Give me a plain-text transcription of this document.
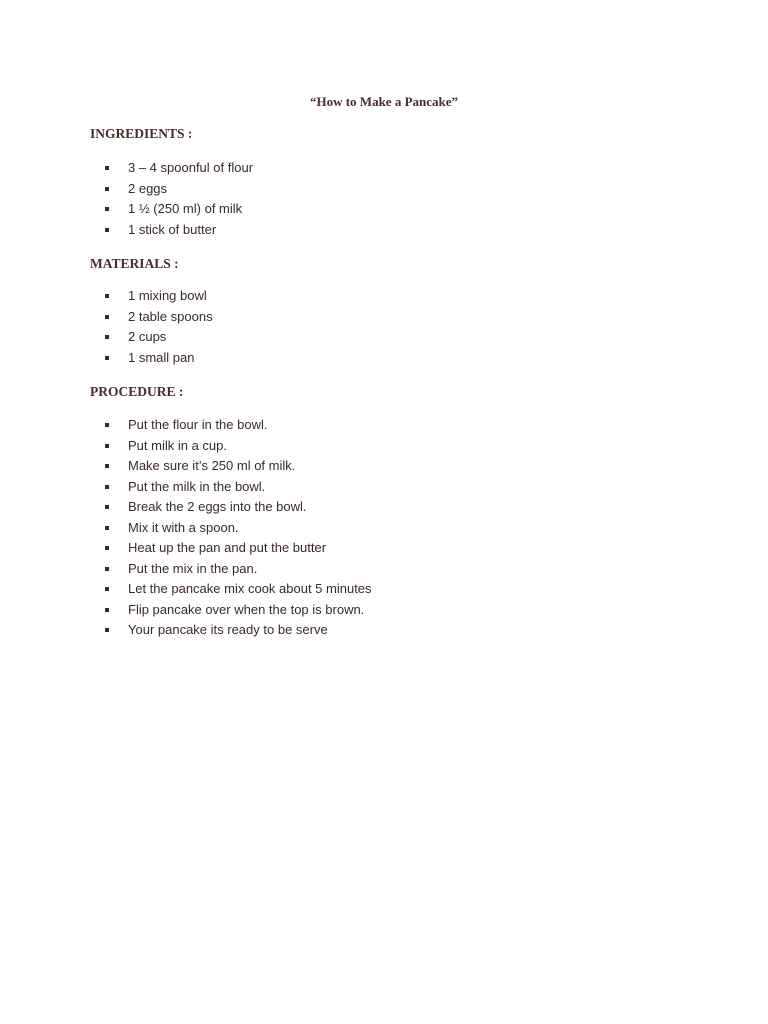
“How to Make a Pancake”
INGREDIENTS :
3 – 4 spoonful of flour
2 eggs
1 ½ (250 ml) of milk
1 stick of butter
MATERIALS :
1 mixing bowl
2 table spoons
2 cups
1 small pan
PROCEDURE :
Put the flour in the bowl.
Put milk in a cup.
Make sure it’s 250 ml of milk.
Put the milk in the bowl.
Break the 2 eggs into the bowl.
Mix it with a spoon.
Heat up the pan and put the butter
Put the mix in the pan.
Let the pancake mix cook about 5 minutes
Flip pancake over when the top is brown.
Your pancake its ready to be serve
